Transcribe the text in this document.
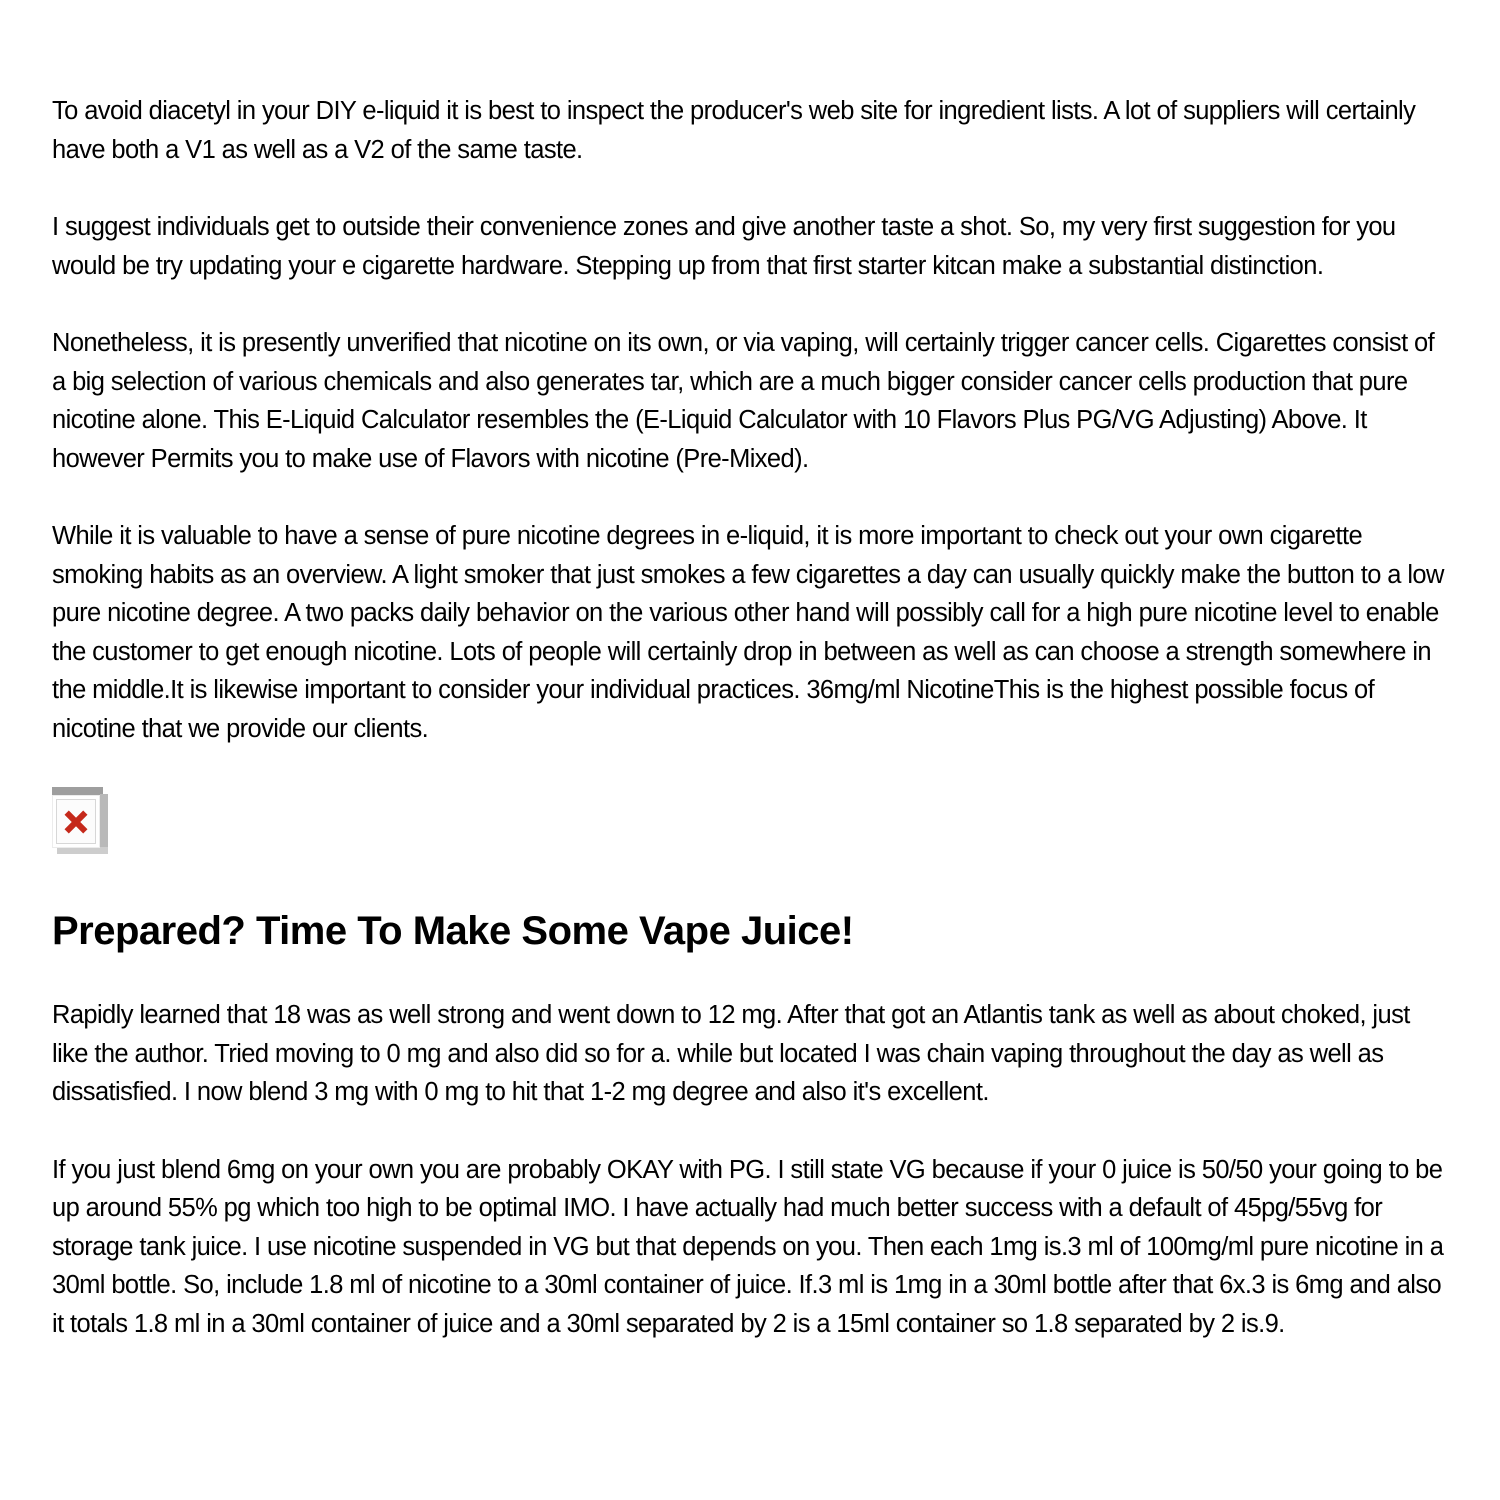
To avoid diacetyl in your DIY e-liquid it is best to inspect the producer's web site for ingredient lists. A lot of suppliers will certainly have both a V1 as well as a V2 of the same taste.

I suggest individuals get to outside their convenience zones and give another taste a shot. So, my very first suggestion for you would be try updating your e cigarette hardware. Stepping up from that first starter kitcan make a substantial distinction.

Nonetheless, it is presently unverified that nicotine on its own, or via vaping, will certainly trigger cancer cells. Cigarettes consist of a big selection of various chemicals and also generates tar, which are a much bigger consider cancer cells production that pure nicotine alone. This E-Liquid Calculator resembles the (E-Liquid Calculator with 10 Flavors Plus PG/VG Adjusting) Above. It however Permits you to make use of Flavors with nicotine (Pre-Mixed).

While it is valuable to have a sense of pure nicotine degrees in e-liquid, it is more important to check out your own cigarette smoking habits as an overview. A light smoker that just smokes a few cigarettes a day can usually quickly make the button to a low pure nicotine degree. A two packs daily behavior on the various other hand will possibly call for a high pure nicotine level to enable the customer to get enough nicotine. Lots of people will certainly drop in between as well as can choose a strength somewhere in the middle.It is likewise important to consider your individual practices. 36mg/ml NicotineThis is the highest possible focus of nicotine that we provide our clients.

Prepared? Time To Make Some Vape Juice!

Rapidly learned that 18 was as well strong and went down to 12 mg. After that got an Atlantis tank as well as about choked, just like the author. Tried moving to 0 mg and also did so for a. while but located I was chain vaping throughout the day as well as dissatisfied. I now blend 3 mg with 0 mg to hit that 1-2 mg degree and also it's excellent.

If you just blend 6mg on your own you are probably OKAY with PG. I still state VG because if your 0 juice is 50/50 your going to be up around 55% pg which too high to be optimal IMO. I have actually had much better success with a default of 45pg/55vg for storage tank juice. I use nicotine suspended in VG but that depends on you. Then each 1mg is.3 ml of 100mg/ml pure nicotine in a 30ml bottle. So, include 1.8 ml of nicotine to a 30ml container of juice. If.3 ml is 1mg in a 30ml bottle after that 6x.3 is 6mg and also it totals 1.8 ml in a 30ml container of juice and a 30ml separated by 2 is a 15ml container so 1.8 separated by 2 is.9.
